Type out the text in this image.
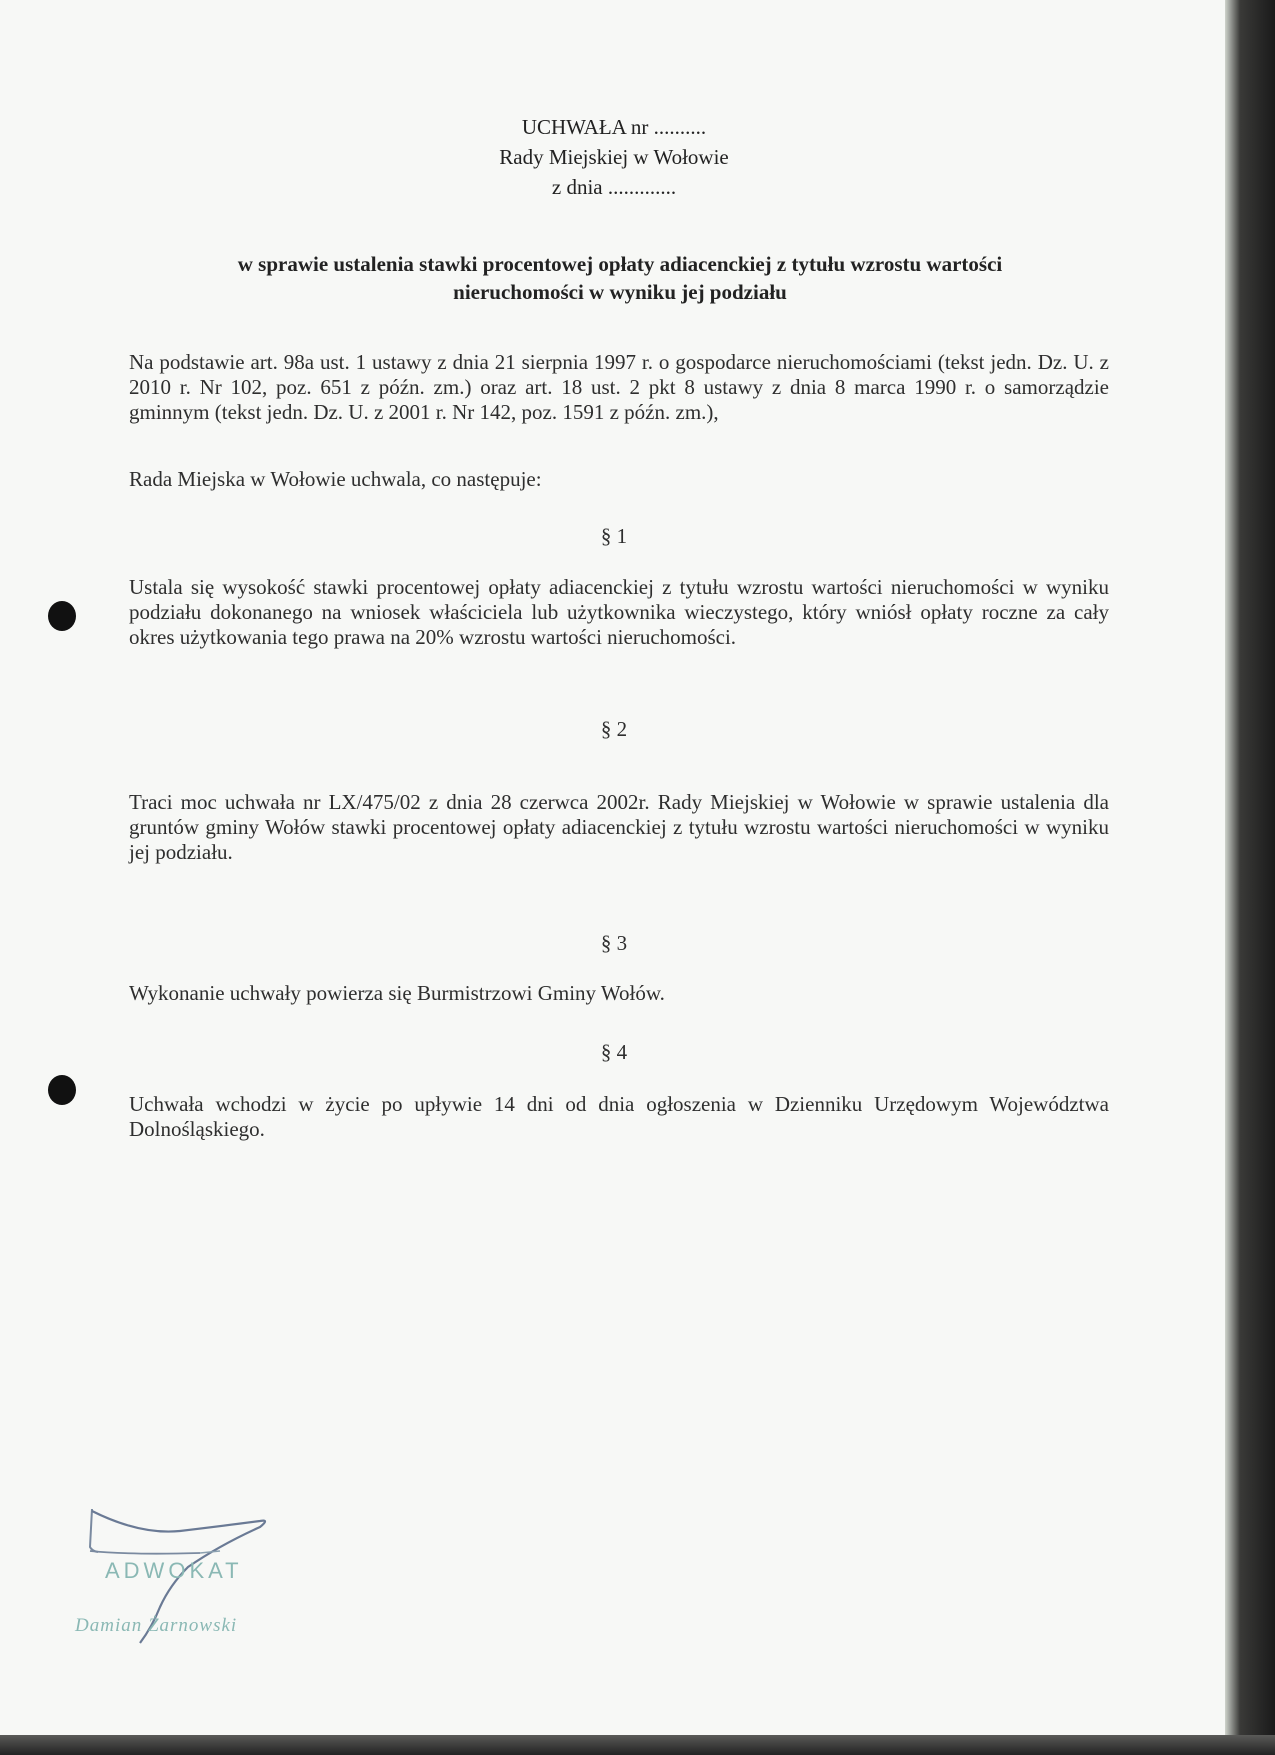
UCHWAŁA nr ..........
Rady Miejskiej w Wołowie
z dnia .............
w sprawie ustalenia stawki procentowej opłaty adiacenckiej z tytułu wzrostu wartości
nieruchomości w wyniku jej podziału
Na podstawie art. 98a ust. 1 ustawy z dnia 21 sierpnia 1997 r. o gospodarce nieruchomościami (tekst jedn. Dz. U. z 2010 r. Nr 102, poz. 651 z późn. zm.) oraz art. 18 ust. 2 pkt 8 ustawy z dnia 8 marca 1990 r. o samorządzie gminnym (tekst jedn. Dz. U. z 2001 r. Nr 142, poz. 1591 z późn. zm.),
Rada Miejska w Wołowie uchwala, co następuje:
§ 1
Ustala się wysokość stawki procentowej opłaty adiacenckiej z tytułu wzrostu wartości nieruchomości w wyniku podziału dokonanego na wniosek właściciela lub użytkownika wieczystego, który wniósł opłaty roczne za cały okres użytkowania tego prawa na 20% wzrostu wartości nieruchomości.
§ 2
Traci moc uchwała nr LX/475/02 z dnia 28 czerwca 2002r. Rady Miejskiej w Wołowie w sprawie ustalenia dla gruntów gminy Wołów stawki procentowej opłaty adiacenckiej z tytułu wzrostu wartości nieruchomości w wyniku jej podziału.
§ 3
Wykonanie uchwały powierza się Burmistrzowi Gminy Wołów.
§ 4
Uchwała wchodzi w życie po upływie 14 dni od dnia ogłoszenia w Dzienniku Urzędowym Województwa Dolnośląskiego.
ADWOKAT
Damian Żarnowski
